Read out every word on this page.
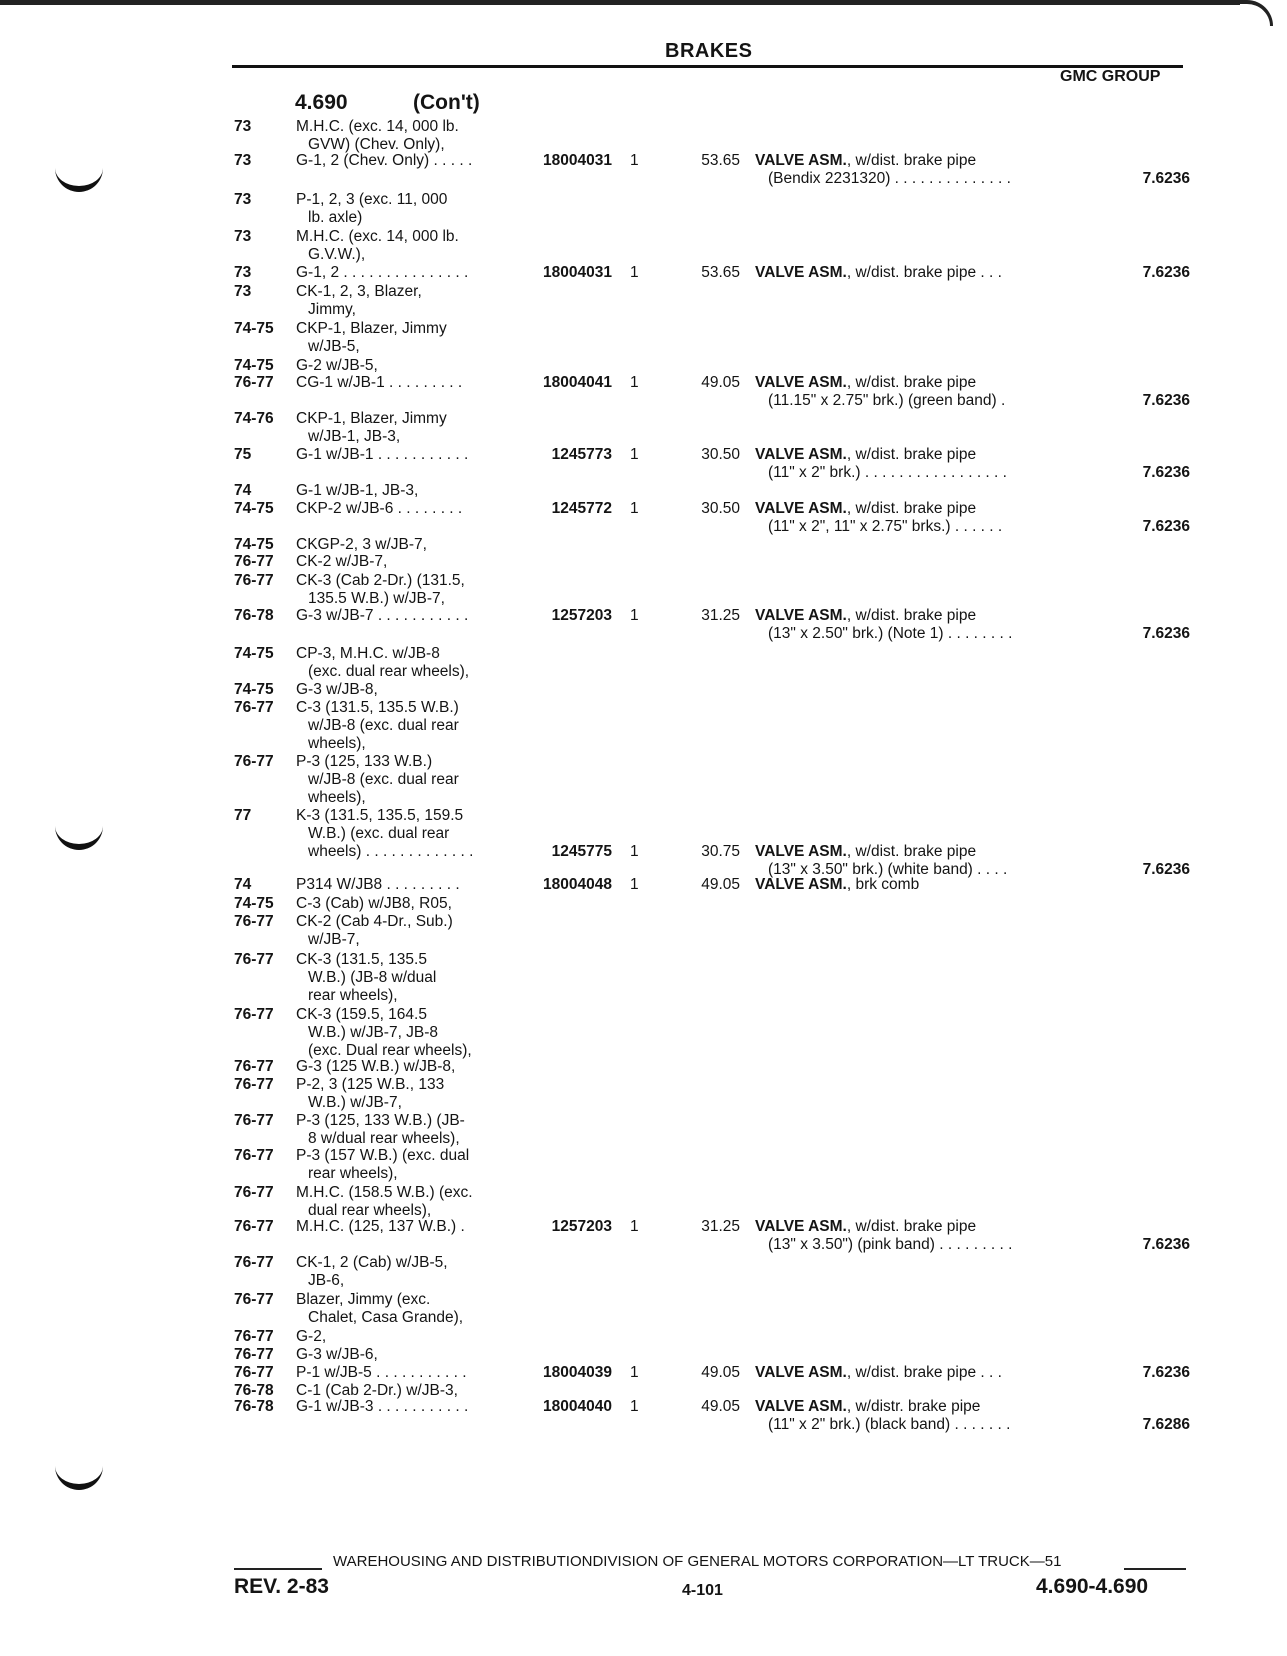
BRAKES
GMC GROUP
4.690	(Con't)
73	M.H.C. (exc. 14, 000 lb.
GVW) (Chev. Only),
73	G-1, 2 (Chev. Only) . . . . .	18004031 1	53.65 VALVE ASM., w/dist. brake pipe
(Bendix 2231320) . . . . . . . . . . . . . .	7.6236
73	P-1, 2, 3 (exc. 11, 000
lb. axle)
73	M.H.C. (exc. 14, 000 lb.
G.V.W.),
73	G-1, 2 . . . . . . . . . . . . . . .	18004031 1	53.65 VALVE ASM., w/dist. brake pipe . . .	7.6236
73	CK-1, 2, 3, Blazer,
Jimmy,
74-75 CKP-1, Blazer, Jimmy
w/JB-5,
74-75 G-2 w/JB-5,
76-77 CG-1 w/JB-1 . . . . . . . . .	18004041 1	49.05 VALVE ASM., w/dist. brake pipe
(11.15" x 2.75" brk.) (green band) .	7.6236
74-76 CKP-1, Blazer, Jimmy
w/JB-1, JB-3,
75	G-1 w/JB-1 . . . . . . . . . . .	1245773 1	30.50 VALVE ASM., w/dist. brake pipe
(11" x 2" brk.) . . . . . . . . . . . . . . . . .	7.6236
74	G-1 w/JB-1, JB-3,
74-75 CKP-2 w/JB-6 . . . . . . . .	1245772 1	30.50 VALVE ASM., w/dist. brake pipe
(11" x 2", 11" x 2.75" brks.) . . . . . .	7.6236
74-75 CKGP-2, 3 w/JB-7,
76-77 CK-2 w/JB-7,
76-77 CK-3 (Cab 2-Dr.) (131.5,
135.5 W.B.) w/JB-7,
76-78 G-3 w/JB-7 . . . . . . . . . . .	1257203 1	31.25 VALVE ASM., w/dist. brake pipe
(13" x 2.50" brk.) (Note 1) . . . . . . . .	7.6236
74-75 CP-3, M.H.C. w/JB-8
(exc. dual rear wheels),
74-75 G-3 w/JB-8,
76-77 C-3 (131.5, 135.5 W.B.)
w/JB-8 (exc. dual rear
wheels),
76-77 P-3 (125, 133 W.B.)
w/JB-8 (exc. dual rear
wheels),
77	K-3 (131.5, 135.5, 159.5
W.B.) (exc. dual rear
wheels) . . . . . . . . . . . . .	1245775 1	30.75 VALVE ASM., w/dist. brake pipe
(13" x 3.50" brk.) (white band) . . . .	7.6236
74	P314 W/JB8 . . . . . . . . .	18004048 1	49.05 VALVE ASM., brk comb
74-75 C-3 (Cab) w/JB8, R05,
76-77 CK-2 (Cab 4-Dr., Sub.)
w/JB-7,
76-77 CK-3 (131.5, 135.5
W.B.) (JB-8 w/dual
rear wheels),
76-77 CK-3 (159.5, 164.5
W.B.) w/JB-7, JB-8
(exc. Dual rear wheels),
76-77 G-3 (125 W.B.) w/JB-8,
76-77 P-2, 3 (125 W.B., 133
W.B.) w/JB-7,
76-77 P-3 (125, 133 W.B.) (JB-
8 w/dual rear wheels),
76-77 P-3 (157 W.B.) (exc. dual
rear wheels),
76-77 M.H.C. (158.5 W.B.) (exc.
dual rear wheels),
76-77 M.H.C. (125, 137 W.B.) .	1257203 1	31.25 VALVE ASM., w/dist. brake pipe
(13" x 3.50") (pink band) . . . . . . . . .	7.6236
76-77 CK-1, 2 (Cab) w/JB-5,
JB-6,
76-77 Blazer, Jimmy (exc.
Chalet, Casa Grande),
76-77 G-2,
76-77 G-3 w/JB-6,
76-77 P-1 w/JB-5 . . . . . . . . . . .	18004039 1	49.05 VALVE ASM., w/dist. brake pipe . . .	7.6236
76-78 C-1 (Cab 2-Dr.) w/JB-3,
76-78 G-1 w/JB-3 . . . . . . . . . . .	18004040 1	49.05 VALVE ASM., w/distr. brake pipe
(11" x 2" brk.) (black band) . . . . . . .	7.6286
WAREHOUSING AND DISTRIBUTIONDIVISION OF GENERAL MOTORS CORPORATION—LT TRUCK—51
REV. 2-83	4-101	4.690-4.690
